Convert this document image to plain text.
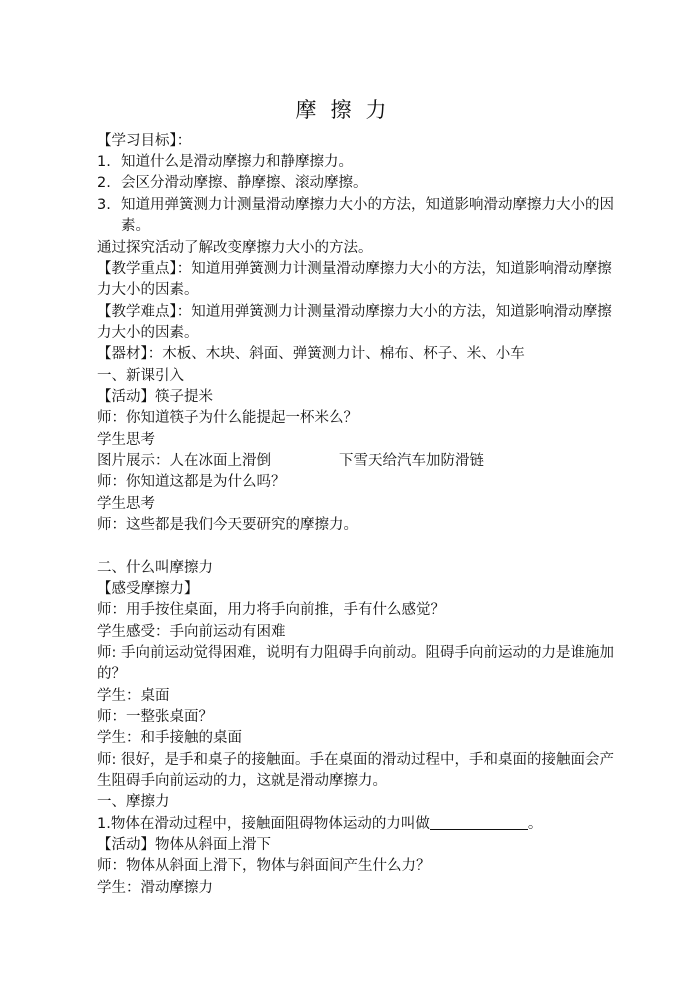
摩擦力
【学习目标】：
1. 知道什么是滑动摩擦力和静摩擦力。
2. 会区分滑动摩擦、静摩擦、滚动摩擦。
3. 知道用弹簧测力计测量滑动摩擦力大小的方法，知道影响滑动摩擦力大小的因
素。
通过探究活动了解改变摩擦力大小的方法。
【教学重点】：知道用弹簧测力计测量滑动摩擦力大小的方法，知道影响滑动摩擦
力大小的因素。
【教学难点】：知道用弹簧测力计测量滑动摩擦力大小的方法，知道影响滑动摩擦
力大小的因素。
【器材】：木板、木块、斜面、弹簧测力计、棉布、杯子、米、小车
一、新课引入
【活动】筷子提米
师：你知道筷子为什么能提起一杯米么？
学生思考
图片展示：人在冰面上滑倒	下雪天给汽车加防滑链
师：你知道这都是为什么吗？
学生思考
师：这些都是我们今天要研究的摩擦力。
二、什么叫摩擦力
【感受摩擦力】
师：用手按住桌面，用力将手向前推，手有什么感觉？
学生感受：手向前运动有困难
师: 手向前运动觉得困难，说明有力阻碍手向前动。阻碍手向前运动的力是谁施加
的？
学生：桌面
师：一整张桌面？
学生：和手接触的桌面
师: 很好，是手和桌子的接触面。手在桌面的滑动过程中，手和桌面的接触面会产
生阻碍手向前运动的力，这就是滑动摩擦力。
一、摩擦力
1.物体在滑动过程中，接触面阻碍物体运动的力叫做	。
【活动】物体从斜面上滑下
师：物体从斜面上滑下，物体与斜面间产生什么力？
学生：滑动摩擦力
